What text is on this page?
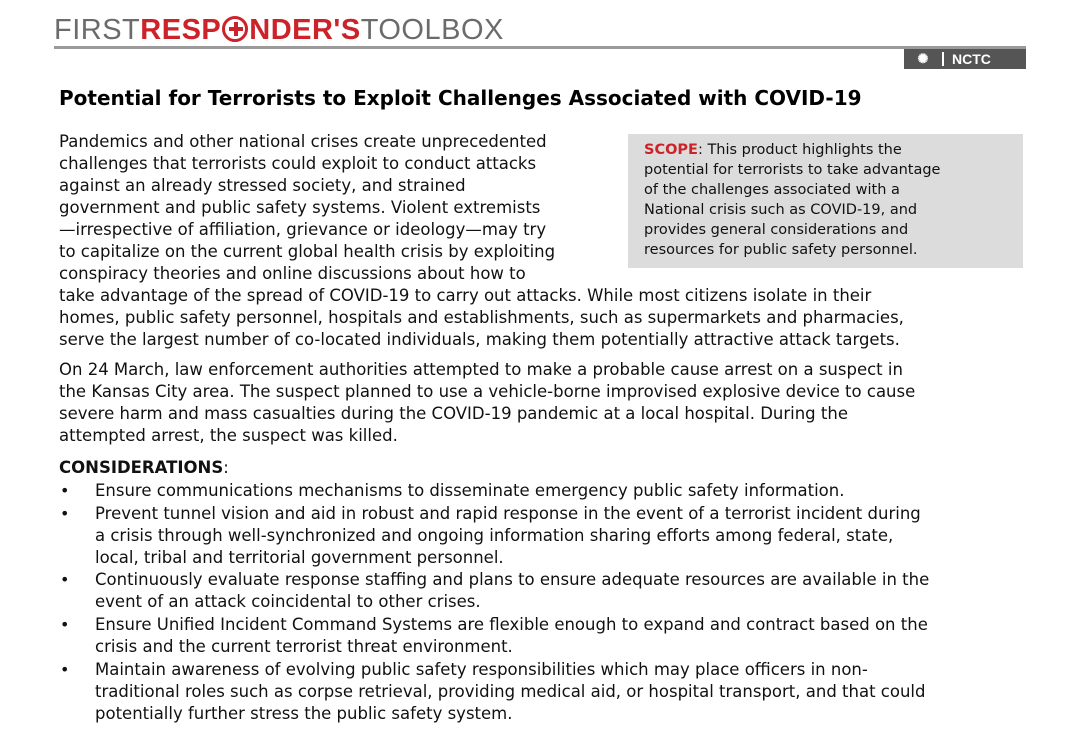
FIRSTRESP NDER'STOOLBOX
✺	NCTC
Potential for Terrorists to Exploit Challenges Associated with COVID-19
SCOPE: This product highlights the
potential for terrorists to take advantage
of the challenges associated with a
National crisis such as COVID-19, and
provides general considerations and
resources for public safety personnel.
Pandemics and other national crises create unprecedented
challenges that terrorists could exploit to conduct attacks
against an already stressed society, and strained
government and public safety systems. Violent extremists
—irrespective of affiliation, grievance or ideology—may try
to capitalize on the current global health crisis by exploiting
conspiracy theories and online discussions about how to
take advantage of the spread of COVID-19 to carry out attacks. While most citizens isolate in their
homes, public safety personnel, hospitals and establishments, such as supermarkets and pharmacies,
serve the largest number of co-located individuals, making them potentially attractive attack targets.
On 24 March, law enforcement authorities attempted to make a probable cause arrest on a suspect in
the Kansas City area. The suspect planned to use a vehicle-borne improvised explosive device to cause
severe harm and mass casualties during the COVID-19 pandemic at a local hospital. During the
attempted arrest, the suspect was killed.
CONSIDERATIONS:
• Ensure communications mechanisms to disseminate emergency public safety information.
• Prevent tunnel vision and aid in robust and rapid response in the event of a terrorist incident during
a crisis through well-synchronized and ongoing information sharing efforts among federal, state,
local, tribal and territorial government personnel.
• Continuously evaluate response staffing and plans to ensure adequate resources are available in the
event of an attack coincidental to other crises.
• Ensure Unified Incident Command Systems are flexible enough to expand and contract based on the
crisis and the current terrorist threat environment.
• Maintain awareness of evolving public safety responsibilities which may place officers in non-
traditional roles such as corpse retrieval, providing medical aid, or hospital transport, and that could
potentially further stress the public safety system.
